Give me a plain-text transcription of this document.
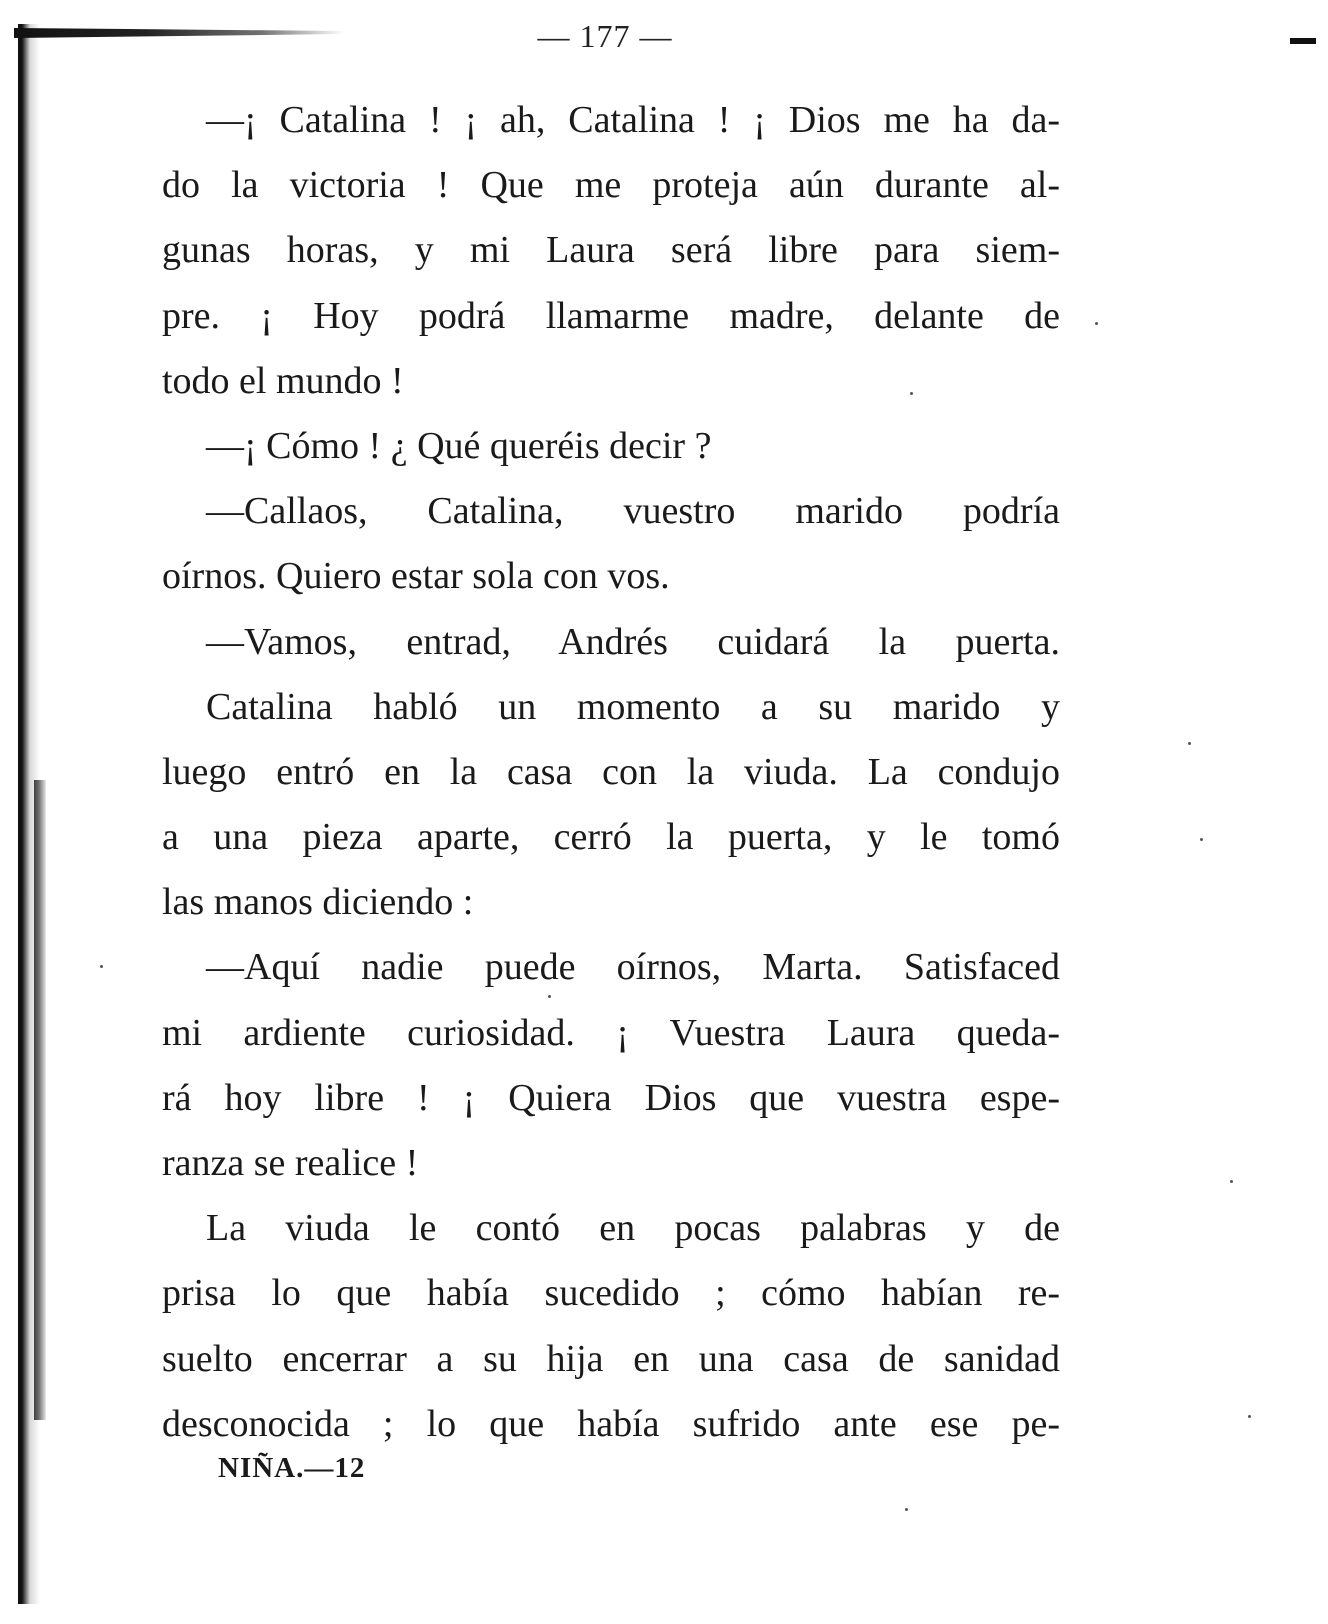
— 177 —
—¡ Catalina ! ¡ ah, Catalina ! ¡ Dios me ha da-
do la victoria ! Que me proteja aún durante al-
gunas horas, y mi Laura será libre para siem-
pre. ¡ Hoy podrá llamarme madre, delante de
todo el mundo !
—¡ Cómo ! ¿ Qué queréis decir ?
—Callaos, Catalina, vuestro marido podría
oírnos. Quiero estar sola con vos.
—Vamos, entrad, Andrés cuidará la puerta.
Catalina habló un momento a su marido y
luego entró en la casa con la viuda. La condujo
a una pieza aparte, cerró la puerta, y le tomó
las manos diciendo :
—Aquí nadie puede oírnos, Marta. Satisfaced
mi ardiente curiosidad. ¡ Vuestra Laura queda-
rá hoy libre ! ¡ Quiera Dios que vuestra espe-
ranza se realice !
La viuda le contó en pocas palabras y de
prisa lo que había sucedido ; cómo habían re-
suelto encerrar a su hija en una casa de sanidad
desconocida ; lo que había sufrido ante ese pe-
NIÑA.—12
